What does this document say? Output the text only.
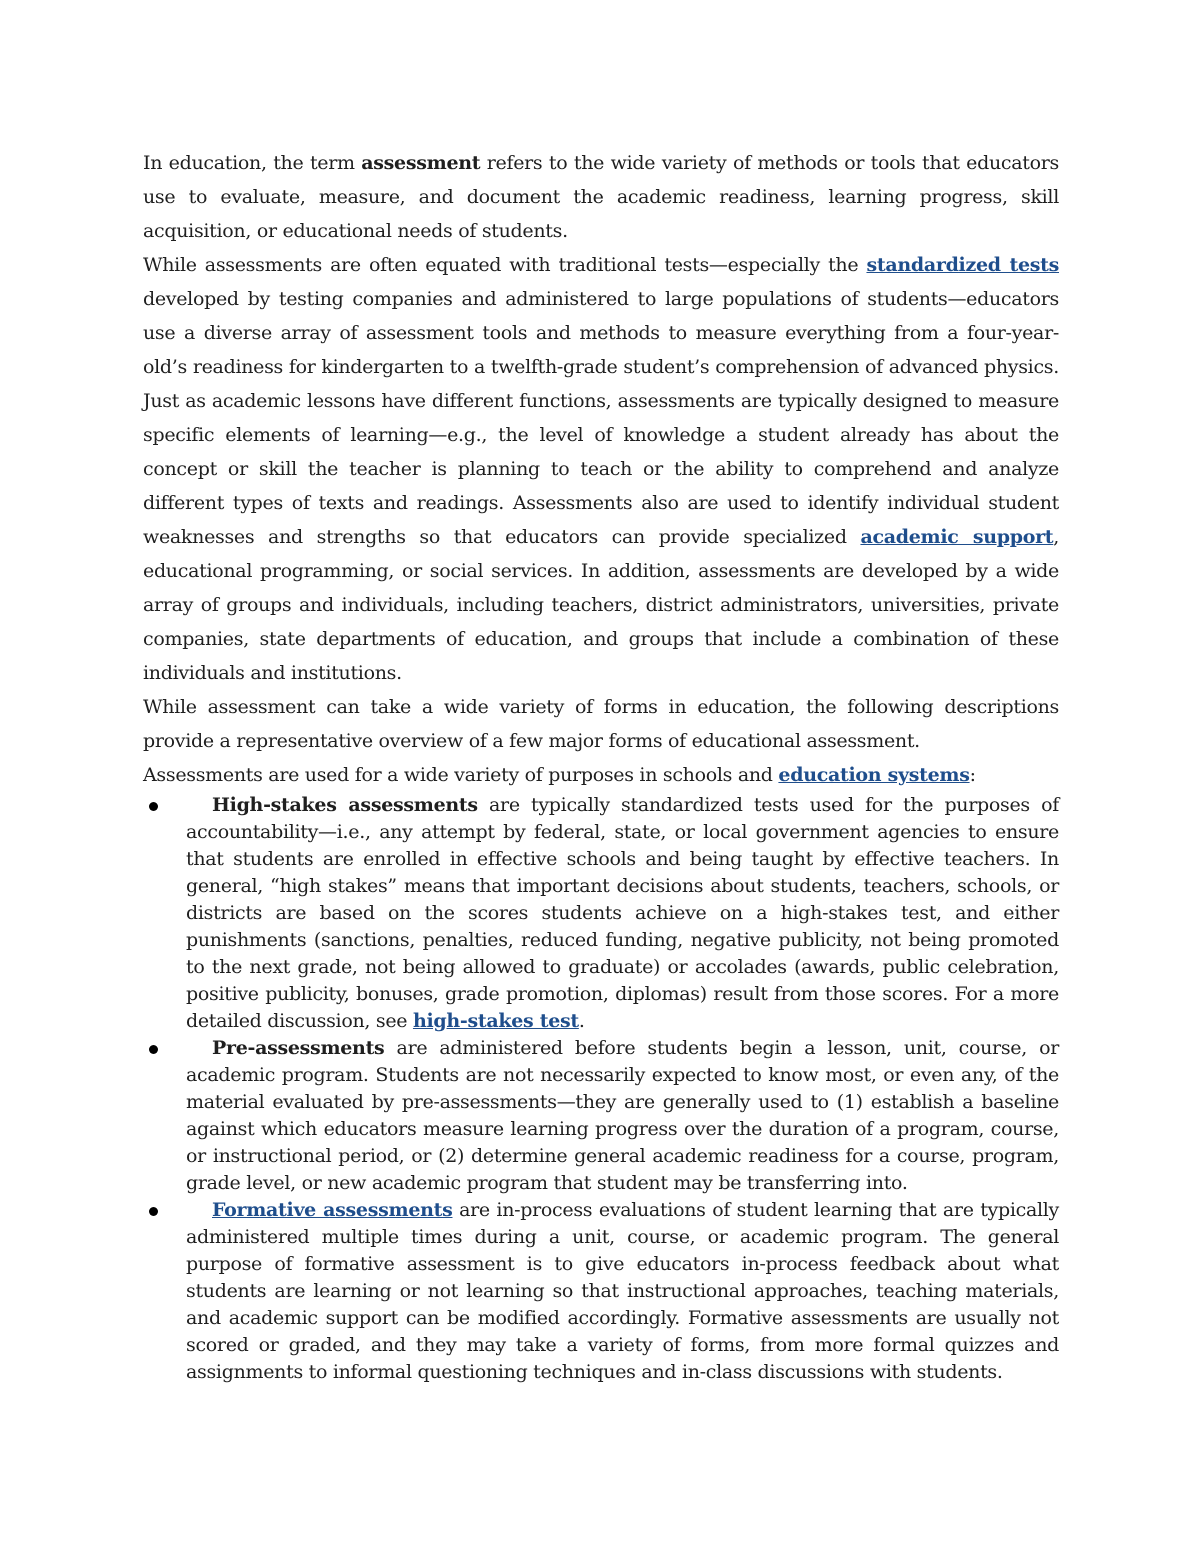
In education, the term assessment refers to the wide variety of methods or tools that educators use to evaluate, measure, and document the academic readiness, learning progress, skill acquisition, or educational needs of students.

While assessments are often equated with traditional tests—especially the standardized tests developed by testing companies and administered to large populations of students—educators use a diverse array of assessment tools and methods to measure everything from a four-year-old’s readiness for kindergarten to a twelfth-grade student’s comprehension of advanced physics. Just as academic lessons have different functions, assessments are typically designed to measure specific elements of learning—e.g., the level of knowledge a student already has about the concept or skill the teacher is planning to teach or the ability to comprehend and analyze different types of texts and readings. Assessments also are used to identify individual student weaknesses and strengths so that educators can provide specialized academic support, educational programming, or social services. In addition, assessments are developed by a wide array of groups and individuals, including teachers, district administrators, universities, private companies, state departments of education, and groups that include a combination of these individuals and institutions.

While assessment can take a wide variety of forms in education, the following descriptions provide a representative overview of a few major forms of educational assessment.

Assessments are used for a wide variety of purposes in schools and education systems:

High-stakes assessments are typically standardized tests used for the purposes of accountability—i.e., any attempt by federal, state, or local government agencies to ensure that students are enrolled in effective schools and being taught by effective teachers. In general, “high stakes” means that important decisions about students, teachers, schools, or districts are based on the scores students achieve on a high-stakes test, and either punishments (sanctions, penalties, reduced funding, negative publicity, not being promoted to the next grade, not being allowed to graduate) or accolades (awards, public celebration, positive publicity, bonuses, grade promotion, diplomas) result from those scores. For a more detailed discussion, see high-stakes test.
Pre-assessments are administered before students begin a lesson, unit, course, or academic program. Students are not necessarily expected to know most, or even any, of the material evaluated by pre-assessments—they are generally used to (1) establish a baseline against which educators measure learning progress over the duration of a program, course, or instructional period, or (2) determine general academic readiness for a course, program, grade level, or new academic program that student may be transferring into.
Formative assessments are in-process evaluations of student learning that are typically administered multiple times during a unit, course, or academic program. The general purpose of formative assessment is to give educators in-process feedback about what students are learning or not learning so that instructional approaches, teaching materials, and academic support can be modified accordingly. Formative assessments are usually not scored or graded, and they may take a variety of forms, from more formal quizzes and assignments to informal questioning techniques and in-class discussions with students.
